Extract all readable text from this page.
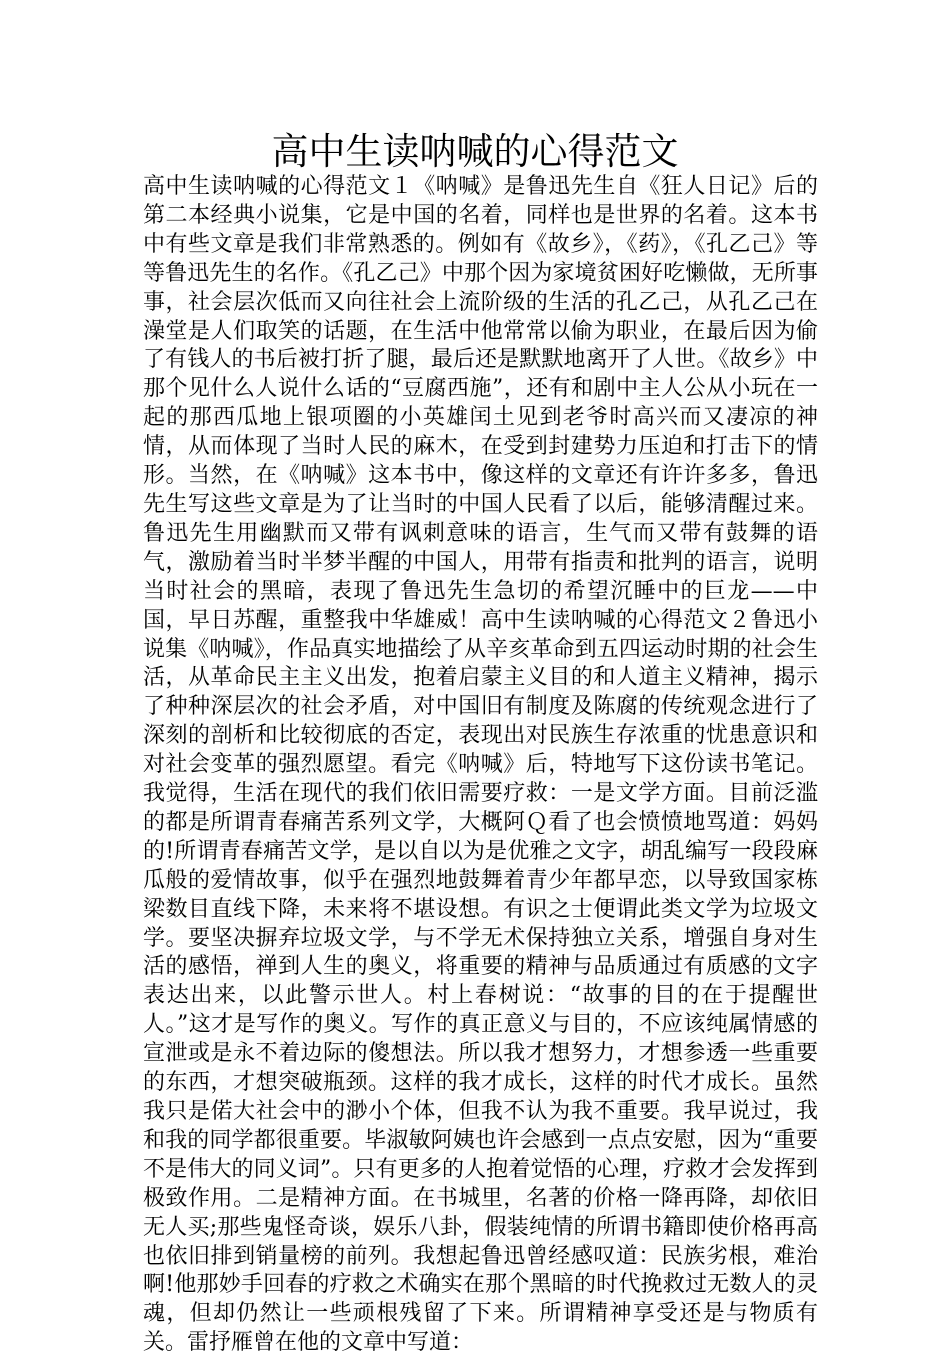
高中生读呐喊的心得范文

高中生读呐喊的心得范文１《呐喊》是鲁迅先生自《狂人日记》后的第二本经典小说集，它是中国的名着，同样也是世界的名着。这本书中有些文章是我们非常熟悉的。例如有《故乡》，《药》，《孔乙己》等等鲁迅先生的名作。《孔乙己》中那个因为家境贫困好吃懒做，无所事事，社会层次低而又向往社会上流阶级的生活的孔乙己，从孔乙己在澡堂是人们取笑的话题，在生活中他常常以偷为职业，在最后因为偷了有钱人的书后被打折了腿，最后还是默默地离开了人世。《故乡》中那个见什么人说什么话的“豆腐西施”，还有和剧中主人公从小玩在一起的那西瓜地上银项圈的小英雄闰土见到老爷时高兴而又凄凉的神情，从而体现了当时人民的麻木，在受到封建势力压迫和打击下的情形。当然，在《呐喊》这本书中，像这样的文章还有许许多多，鲁迅先生写这些文章是为了让当时的中国人民看了以后，能够清醒过来。鲁迅先生用幽默而又带有讽刺意味的语言，生气而又带有鼓舞的语气，激励着当时半梦半醒的中国人，用带有指责和批判的语言，说明当时社会的黑暗，表现了鲁迅先生急切的希望沉睡中的巨龙——中国，早日苏醒，重整我中华雄威！高中生读呐喊的心得范文２鲁迅小说集《呐喊》，作品真实地描绘了从辛亥革命到五四运动时期的社会生活，从革命民主主义出发，抱着启蒙主义目的和人道主义精神，揭示了种种深层次的社会矛盾，对中国旧有制度及陈腐的传统观念进行了深刻的剖析和比较彻底的否定，表现出对民族生存浓重的忧患意识和对社会变革的强烈愿望。看完《呐喊》后，特地写下这份读书笔记。我觉得，生活在现代的我们依旧需要疗救：一是文学方面。目前泛滥的都是所谓青春痛苦系列文学，大概阿Ｑ看了也会愤愤地骂道：妈妈的!所谓青春痛苦文学，是以自以为是优雅之文字，胡乱编写一段段麻瓜般的爱情故事，似乎在强烈地鼓舞着青少年都早恋，以导致国家栋梁数目直线下降，未来将不堪设想。有识之士便谓此类文学为垃圾文学。要坚决摒弃垃圾文学，与不学无术保持独立关系，增强自身对生活的感悟，禅到人生的奥义，将重要的精神与品质通过有质感的文字表达出来，以此警示世人。村上春树说：“故事的目的在于提醒世人。”这才是写作的奥义。写作的真正意义与目的，不应该纯属情感的宣泄或是永不着边际的傻想法。所以我才想努力，才想参透一些重要的东西，才想突破瓶颈。这样的我才成长，这样的时代才成长。虽然我只是偌大社会中的渺小个体，但我不认为我不重要。我早说过，我和我的同学都很重要。毕淑敏阿姨也许会感到一点点安慰，因为“重要不是伟大的同义词”。只有更多的人抱着觉悟的心理，疗救才会发挥到极致作用。二是精神方面。在书城里，名著的价格一降再降，却依旧无人买;那些鬼怪奇谈，娱乐八卦，假装纯情的所谓书籍即使价格再高也依旧排到销量榜的前列。我想起鲁迅曾经感叹道：民族劣根，难治啊!他那妙手回春的疗救之术确实在那个黑暗的时代挽救过无数人的灵魂，但却仍然让一些顽根残留了下来。所谓精神享受还是与物质有关。雷抒雁曾在他的文章中写道：
